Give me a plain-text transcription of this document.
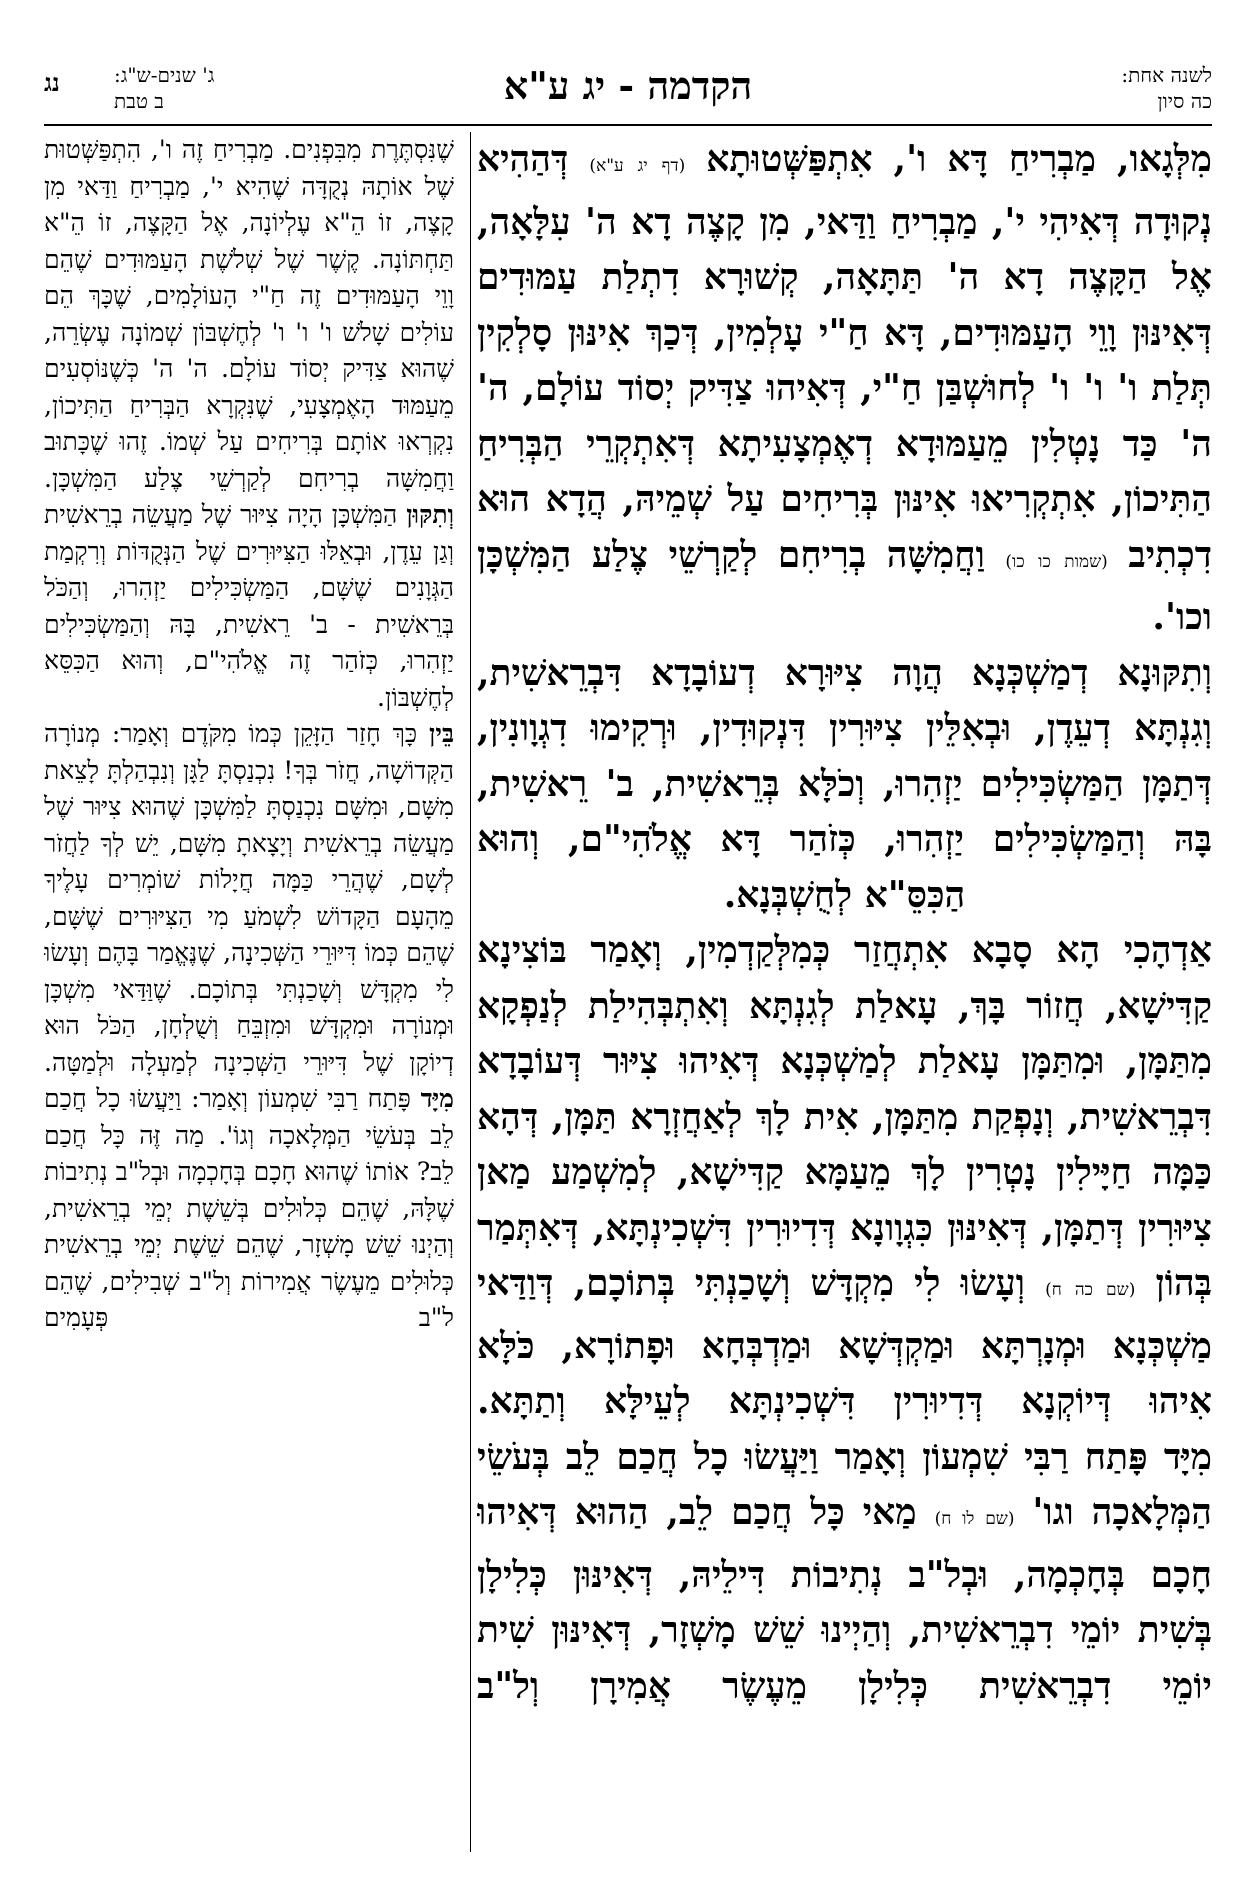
לשנה אחת:
כה סיון
הקדמה - יג ע"א
ג' שנים-ש"ג:
ב טבת
נג

מִלְּגָאו, מַבְרִיחַ דָּא ו', אִתְפַּשְּׁטוּתָא (דף יג ע"א) דְּהַהִיא נְקוּדָה דְּאִיהִי י', מַבְרִיחַ וַדַּאי, מִן קָצֶה דָא ה' עִלָּאָה, אֶל הַקָּצֶה דָא ה' תַּתָּאָה, קְשׁוּרָא דִתְלַת עַמּוּדִים דְּאִינּוּן וָוֵי הָעַמּוּדִים, דָּא חַ"י עָלְמִין, דְּכַךְ אִינּוּן סָלְקִין תְּלַת ו' ו' ו' לְחוּשְׁבַּן חַ"י, דְּאִיהוּ צַדִּיק יְסוֹד עוֹלָם, ה' ה' כַּד נָטְלִין מֵעַמּוּדָא דְאֶמְצָעִיתָא דְּאִתְקְרֵי הַבְּרִיחַ הַתִּיכוֹן, אִתְקְרִיאוּ אִינּוּן בְּרִיחִים עַל שְׁמֵיהּ, הֲדָא הוּא דִכְתִיב (שמות כו כו) וַחֲמִשָּׁה בְרִיחִם לְקַרְשֵׁי צֶלַע הַמִּשְׁכָּן וכו'.

וְתִקּוּנָא דְמַשְׁכְּנָא הֲוָה צִיּוּרָא דְעוֹבָדָא דִּבְרֵאשִׁית, וְגִנְתָּא דְעֵדֶן, וּבְאִלֵּין צִיּוּרִין דִּנְקוּדִין, וּרְקִימוּ דִגְוָונִין, דְּתַמָּן הַמַּשְׂכִּילִים יַזְהִרוּ, וְכֹלָּא בְּרֵאשִׁית, ב' רֵאשִׁית, בָּהּ וְהַמַּשְׂכִּילִים יַזְהִרוּ, כְּזֹהַר דָּא אֱלֹהִי"ם, וְהוּא הַכִּסֵּ"א לְחֻשְׁבְּנָא.

אַדְהָכִי הָא סָבָא אִתְחֲזַר כְּמִלְּקַדְמִין, וְאָמַר בּוֹצִינָא קַדִּישָׁא, חֲזוֹר בָּךְ, עָאלַת לְגִנְתָּא וְאִתְבְּהִילַת לְנַפְקָא מִתַּמָּן, וּמִתַּמָּן עָאלַת לְמַשְׁכְּנָא דְּאִיהוּ צִיּוּר דְּעוֹבָדָא דִּבְרֵאשִׁית, וְנָפְקַת מִתַּמָּן, אִית לָךְ לְאַחֲזְרָא תַּמָּן, דְּהָא כַּמָּה חַיָּילִין נָטְרִין לָךְ מֵעַמָּא קַדִּישָׁא, לְמִשְׁמַע מַאן צִיּוּרִין דְּתַמָּן, דְּאִינּוּן כִּגְוָונָא דְּדִיוּרִין דִּשְׁכִינְתָּא, דְּאִתְּמַר בְּהוֹן (שם כה ח) וְעָשׂוּ לִי מִקְדָּשׁ וְשָׁכַנְתִּי בְּתוֹכָם, דְּוַדַּאי מַשְׁכְּנָא וּמְנָרְתָּא וּמַקְדְּשָׁא וּמַדְבְּחָא וּפָתוֹרָא, כֹּלָּא אִיהוּ דְּיוֹקְנָא דְּדִיוּרִין דִּשְׁכִינְתָּא לְעֵילָּא וְתַתָּא.

מִיָּד פָּתַח רַבִּי שִׁמְעוֹן וְאָמַר וַיַּעֲשׂוּ כָל חֲכַם לֵב בְּעֹשֵׂי הַמְּלָאכָה וגו' (שם לו ח) מַאי כָּל חֲכַם לֵב, הַהוּא דְּאִיהוּ חָכָם בְּחָכְמָה, וּבְל"ב נְתִיבוֹת דִּילֵיהּ, דְּאִינּוּן כְּלִילָן בְּשִׁית יוֹמֵי דִבְרֵאשִׁית, וְהַיְינוּ שֵׁשׁ מָשְׁזָר, דְּאִינּוּן שִׁית יוֹמֵי דִבְרֵאשִׁית כְּלִילָן מֵעֶשֶׂר אֲמִירָן וְל"ב

שֶׁנִּסְתֶּרֶת מִבִּפְנִים. מַבְרִיחַ זֶה ו', הִתְפַּשְּׁטוּת שֶׁל אוֹתָהּ נְקֻדָּה שֶׁהִיא י', מַבְרִיחַ וַדַּאי מִן קָצֶה, זוֹ הֵ"א עֶלְיוֹנָה, אֶל הַקָּצֶה, זוֹ הֵ"א תַּחְתּוֹנָה. קֶשֶׁר שֶׁל שְׁלֹשֶׁת הָעַמּוּדִים שֶׁהֵם וָוֵי הָעַמּוּדִים זֶה חַ"י הָעוֹלָמִים, שֶׁכָּךְ הֵם עוֹלִים שָׁלֹשׁ ו' ו' ו' לְחֶשְׁבּוֹן שְׁמוֹנָה עֶשְׂרֵה, שֶׁהוּא צַדִּיק יְסוֹד עוֹלָם. ה' ה' כְּשֶׁנּוֹסְעִים מֵעַמּוּד הָאֶמְצָעִי, שֶׁנִּקְרָא הַבְּרִיחַ הַתִּיכוֹן, נִקְרְאוּ אוֹתָם בְּרִיחִים עַל שְׁמוֹ. זֶהוּ שֶׁכָּתוּב וַחֲמִשָּׁה בְרִיחִם לְקַרְשֵׁי צֶלַע הַמִּשְׁכָּן.

וְתִקּוּן הַמִּשְׁכָּן הָיָה צִיּוּר שֶׁל מַעֲשֵׂה בְרֵאשִׁית וְגַן עֵדֶן, וּבְאֵלּוּ הַצִּיּוּרִים שֶׁל הַנְּקֻדּוֹת וְרִקְמַת הַגְּוָנִים שֶׁשָּׁם, הַמַּשְׂכִּילִים יַזְהִרוּ, וְהַכֹּל בְּרֵאשִׁית - ב' רֵאשִׁית, בָּהּ וְהַמַּשְׂכִּילִים יַזְהִרוּ, כְּזֹהַר זֶה אֱלֹהִי"ם, וְהוּא הַכִּסֵּא לְחֶשְׁבּוֹן.

בֵּין כָּךְ חָזַר הַזָּקֵן כְּמוֹ מִקֹּדֶם וְאָמַר: מְנוֹרָה הַקְּדוֹשָׁה, חֲזֹר בְּךָ! נִכְנַסְתָּ לַגָּן וְנִבְהַלְתָּ לָצֵאת מִשָּׁם, וּמִשָּׁם נִכְנַסְתָּ לַמִּשְׁכָּן שֶׁהוּא צִיּוּר שֶׁל מַעֲשֵׂה בְרֵאשִׁית וְיָצָאתָ מִשָּׁם, יֵשׁ לְךָ לַחֲזֹר לְשָׁם, שֶׁהֲרֵי כַּמָּה חֲיָלוֹת שׁוֹמְרִים עָלֶיךָ מֵהָעָם הַקָּדוֹשׁ לִשְׁמֹעַ מִי הַצִּיּוּרִים שֶׁשָּׁם, שֶׁהֵם כְּמוֹ דִּיּוּרֵי הַשְּׁכִינָה, שֶׁנֶּאֱמַר בָּהֶם וְעָשׂוּ לִי מִקְדָּשׁ וְשָׁכַנְתִּי בְּתוֹכָם. שֶׁוַּדַּאי מִשְׁכָּן וּמְנוֹרָה וּמִקְדָּשׁ וּמִזְבֵּחַ וְשֻׁלְחָן, הַכֹּל הוּא דְיוֹקָן שֶׁל דִּיּוּרֵי הַשְּׁכִינָה לְמַעְלָה וּלְמַטָּה.

מִיָּד פָּתַח רַבִּי שִׁמְעוֹן וְאָמַר: וַיַּעֲשׂוּ כָל חֲכַם לֵב בְּעֹשֵׂי הַמְּלָאכָה וְגוֹ'. מַה זֶּה כָּל חֲכַם לֵב? אוֹתוֹ שֶׁהוּא חָכָם בְּחָכְמָה וּבְל"ב נְתִיבוֹת שֶׁלָּהּ, שֶׁהֵם כְּלוּלִים בְּשֵׁשֶׁת יְמֵי בְרֵאשִׁית, וְהַיְנוּ שֵׁשׁ מָשְׁזָר, שֶׁהֵם שֵׁשֶׁת יְמֵי בְרֵאשִׁית כְּלוּלִים מֵעֶשֶׂר אֲמִירוֹת וְל"ב שְׁבִילִים, שֶׁהֵם ל"ב פְּעָמִים
